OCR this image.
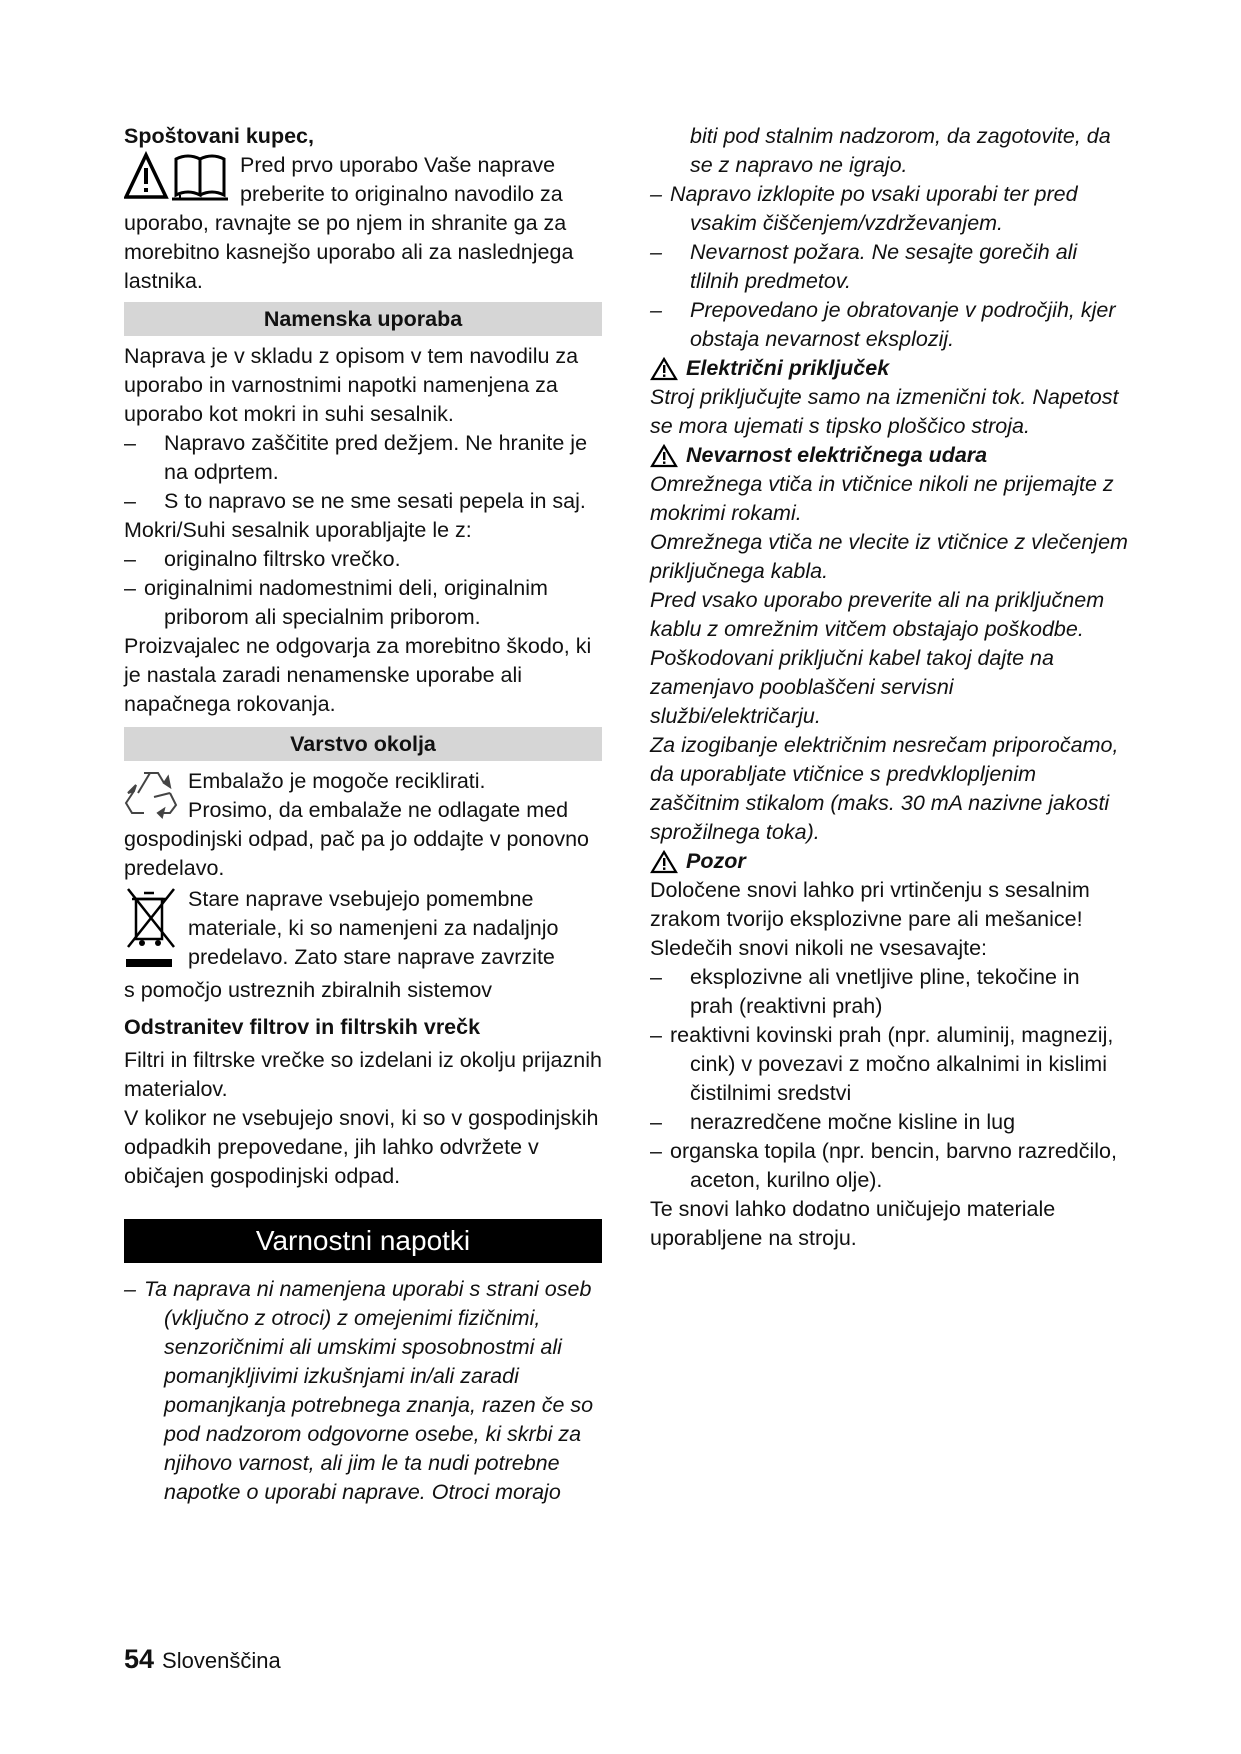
Spoštovani kupec,

Pred prvo uporabo Vaše naprave

preberite to originalno navodilo za

uporabo, ravnajte se po njem in shranite ga za morebitno kasnejšo uporabo ali za naslednjega lastnika.

Namenska uporaba

Naprava je v skladu z opisom v tem navodilu za uporabo in varnostnimi napotki namenjena za uporabo kot mokri in suhi sesalnik.

–	Napravo zaščitite pred dežjem. Ne hranite je na odprtem.
–	S to napravo se ne sme sesati pepela in saj.

Mokri/Suhi sesalnik uporabljajte le z:

–	originalno filtrsko vrečko.
– originalnimi nadomestnimi deli, originalnim priborom ali specialnim priborom.

Proizvajalec ne odgovarja za morebitno škodo, ki je nastala zaradi nenamenske uporabe ali napačnega rokovanja.

Varstvo okolja

Embalažo je mogoče reciklirati.

Prosimo, da embalaže ne odlagate med

gospodinjski odpad, pač pa jo oddajte v ponovno predelavo.

Stare naprave vsebujejo pomembne

materiale, ki so namenjeni za nadaljnjo

predelavo. Zato stare naprave zavrzite

s pomočjo ustreznih zbiralnih sistemov

Odstranitev filtrov in filtrskih vrečk

Filtri in filtrske vrečke so izdelani iz okolju prijaznih materialov.

V kolikor ne vsebujejo snovi, ki so v gospodinjskih odpadkih prepovedane, jih lahko odvržete v običajen gospodinjski odpad.

Varnostni napotki
– Ta naprava ni namenjena uporabi s strani oseb (vključno z otroci) z omejenimi fizičnimi, senzoričnimi ali umskimi sposobnostmi ali pomanjkljivimi izkušnjami in/ali zaradi pomanjkanja potrebnega znanja, razen če so pod nadzorom odgovorne osebe, ki skrbi za njihovo varnost, ali jim le ta nudi potrebne napotke o uporabi naprave. Otroci morajo

biti pod stalnim nadzorom, da zagotovite, da se z napravo ne igrajo.

– Napravo izklopite po vsaki uporabi ter pred vsakim čiščenjem/vzdrževanjem.
–	Nevarnost požara. Ne sesajte gorečih ali tlilnih predmetov.
–	Prepovedano je obratovanje v področjih, kjer obstaja nevarnost eksplozij.
Električni priključek

Stroj priključujte samo na izmenični tok. Napetost se mora ujemati s tipsko ploščico stroja.

Nevarnost električnega udara

Omrežnega vtiča in vtičnice nikoli ne prijemajte z mokrimi rokami.

Omrežnega vtiča ne vlecite iz vtičnice z vlečenjem priključnega kabla.

Pred vsako uporabo preverite ali na priključnem kablu z omrežnim vitčem obstajajo poškodbe. Poškodovani priključni kabel takoj dajte na zamenjavo pooblaščeni servisni službi/električarju.

Za izogibanje električnim nesrečam priporočamo, da uporabljate vtičnice s predvklopljenim zaščitnim stikalom (maks. 30 mA nazivne jakosti sprožilnega toka).

Pozor

Določene snovi lahko pri vrtinčenju s sesalnim zrakom tvorijo eksplozivne pare ali mešanice!

Sledečih snovi nikoli ne vsesavajte:

–	eksplozivne ali vnetljive pline, tekočine in prah (reaktivni prah)
– reaktivni kovinski prah (npr. aluminij, magnezij, cink) v povezavi z močno alkalnimi in kislimi čistilnimi sredstvi
–	nerazredčene močne kisline in lug
– organska topila (npr. bencin, barvno razredčilo, aceton, kurilno olje).

Te snovi lahko dodatno uničujejo materiale uporabljene na stroju.

54 Slovenščina
